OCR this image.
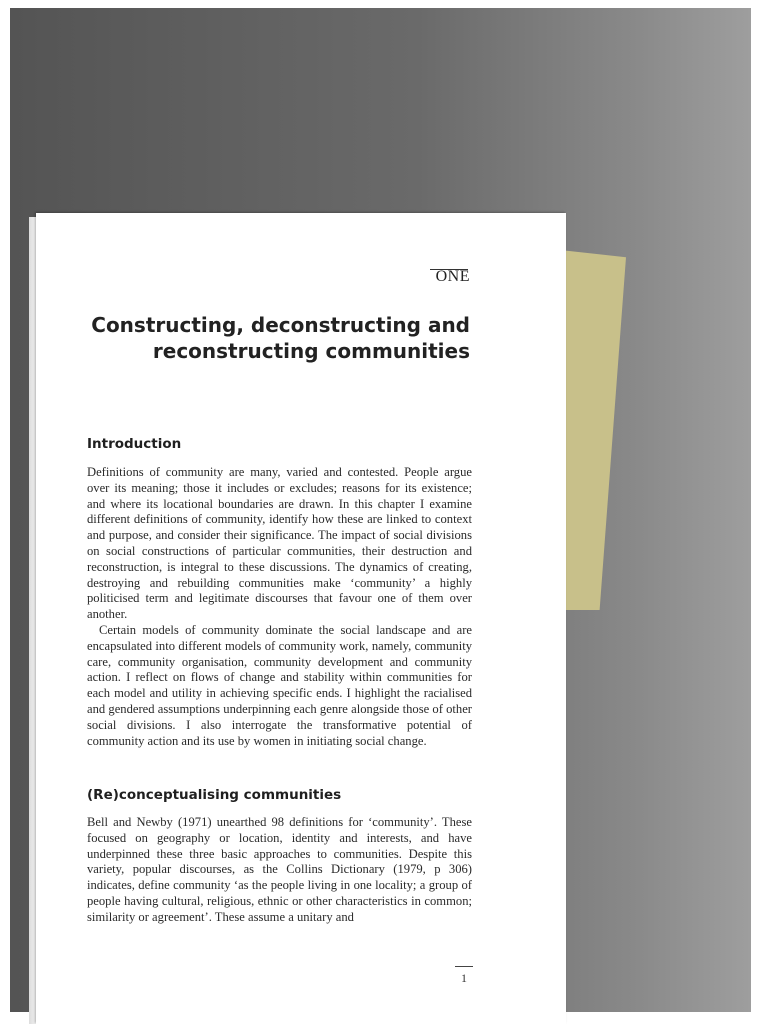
ONE
Constructing, deconstructing and reconstructing communities
Introduction

Definitions of community are many, varied and contested. People argue over its meaning; those it includes or excludes; reasons for its existence; and where its locational boundaries are drawn. In this chapter I examine different definitions of community, identify how these are linked to context and purpose, and consider their significance. The impact of social divisions on social constructions of particular communities, their destruction and reconstruction, is integral to these discussions. The dynamics of creating, destroying and rebuilding communities make ‘community’ a highly politicised term and legitimate discourses that favour one of them over another.

Certain models of community dominate the social landscape and are encapsulated into different models of community work, namely, community care, community organisation, community development and community action. I reflect on flows of change and stability within communities for each model and utility in achieving specific ends. I highlight the racialised and gendered assumptions underpinning each genre alongside those of other social divisions. I also interrogate the transformative potential of community action and its use by women in initiating social change.

(Re)conceptualising communities

Bell and Newby (1971) unearthed 98 definitions for ‘community’. These focused on geography or location, identity and interests, and have underpinned these three basic approaches to communities. Despite this variety, popular discourses, as the Collins Dictionary (1979, p 306) indicates, define community ‘as the people living in one locality; a group of people having cultural, religious, ethnic or other characteristics in common; similarity or agreement’. These assume a unitary and

1
